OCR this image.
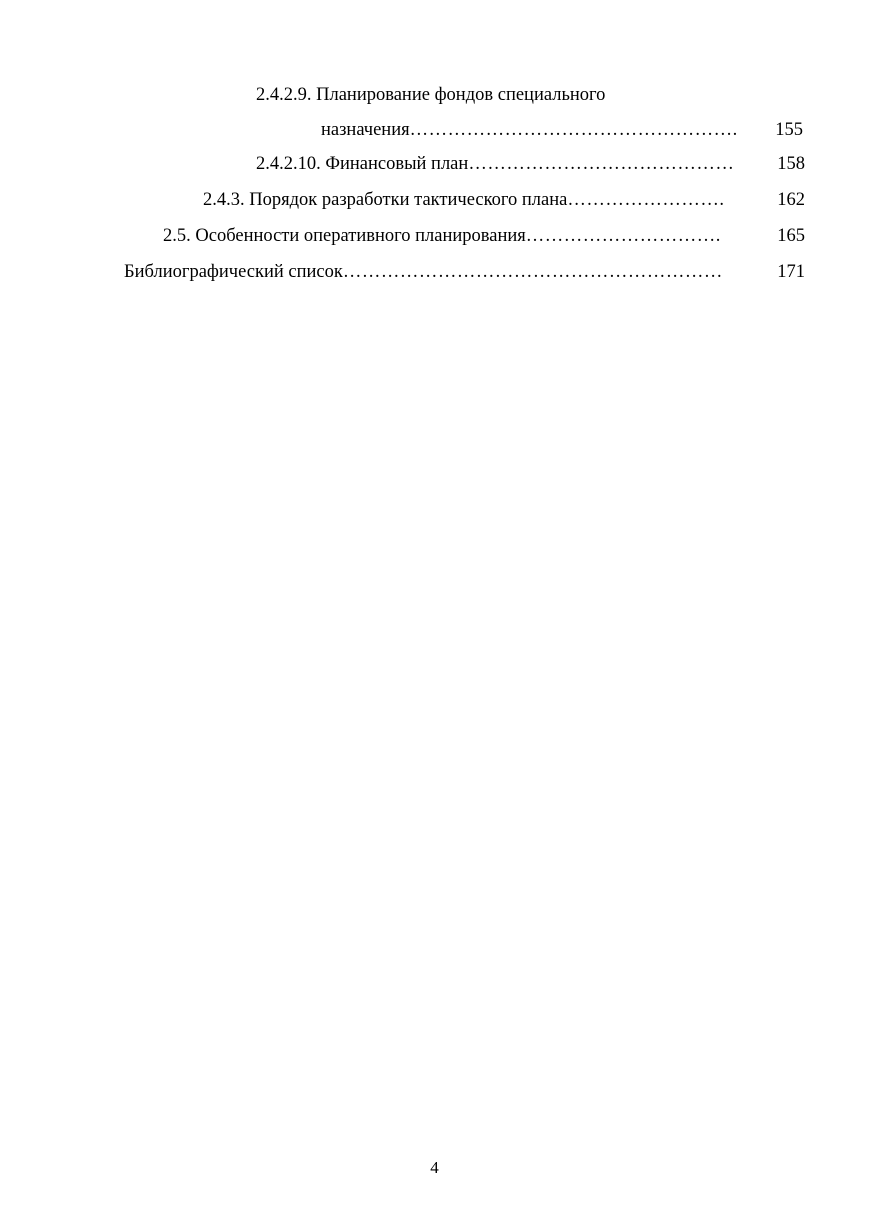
2.4.2.9. Планирование фондов специального
назначения …………………………………………….	155
2.4.2.10. Финансовый план ……………………………………	158
2.4.3. Порядок разработки тактического плана …………………….	162
2.5. Особенности оперативного планирования ………………………….	165
Библиографический список ……………………………………………………	171
4
